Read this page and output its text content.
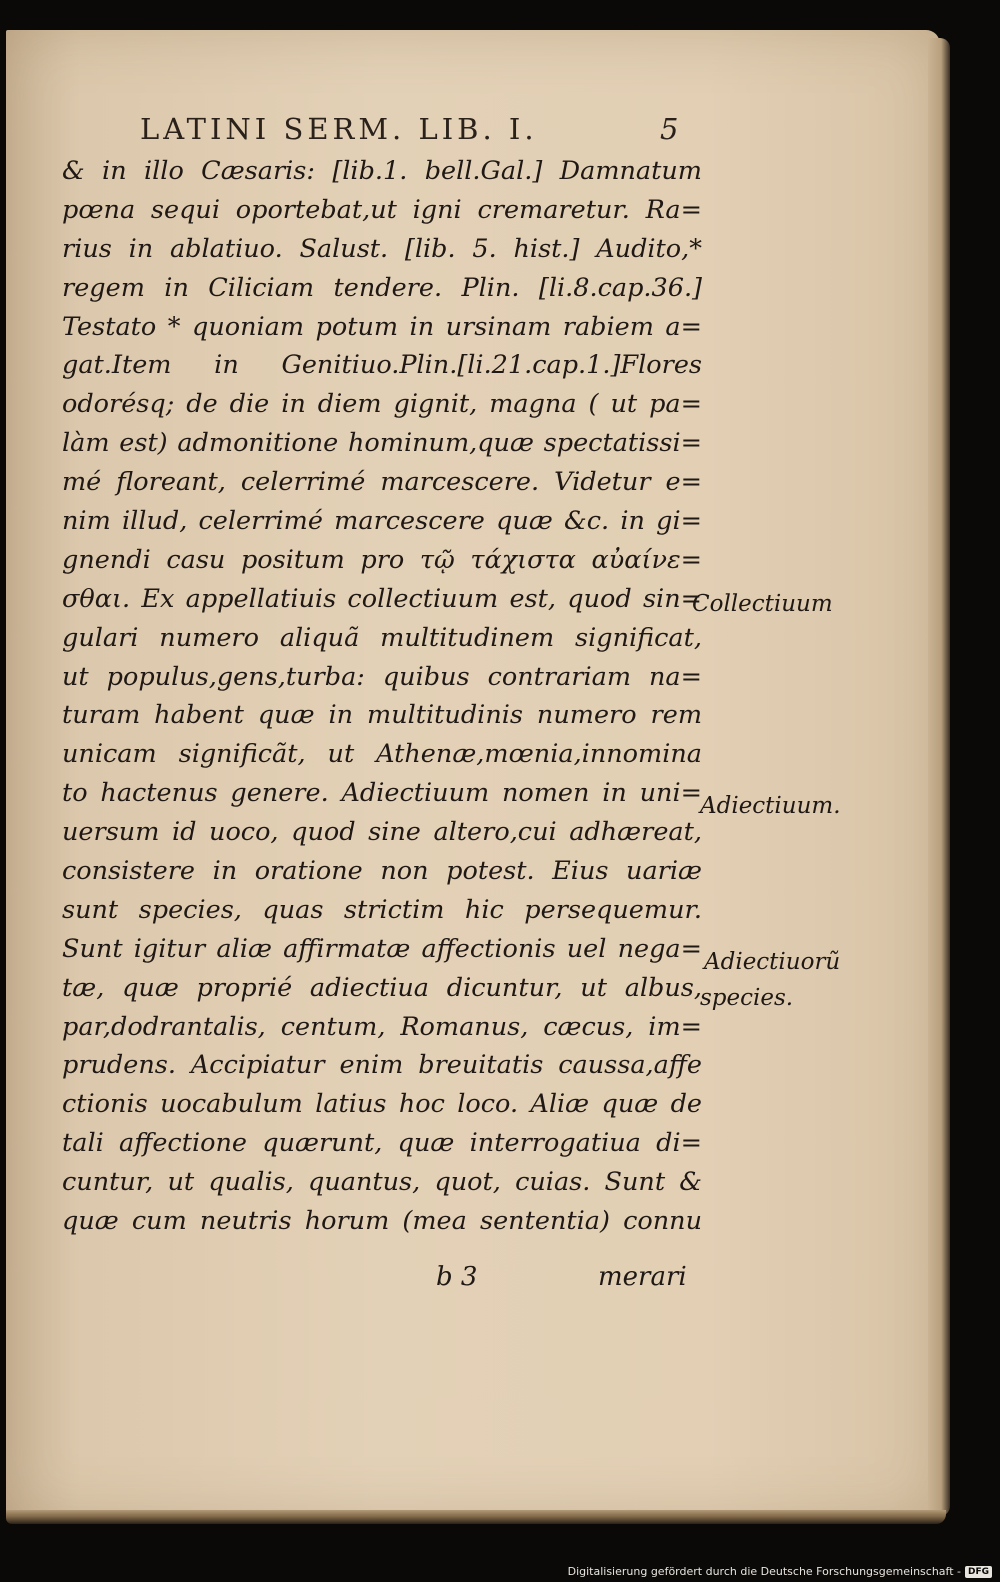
LATINI SERM. LIB. I.	5
& in illo Cæsaris: [lib.1. bell.Gal.] Damnatum
pœna sequi oportebat,ut igni cremaretur. Ra=
rius in ablatiuo. Salust. [lib. 5. hist.] Audito,*
regem in Ciliciam tendere. Plin. [li.8.cap.36.]
Testato * quoniam potum in ursinam rabiem a=
gat.Item in Genitiuo.Plin.[li.21.cap.1.]Flores
odorésq; de die in diem gignit, magna ( ut pa=
làm est) admonitione hominum,quæ spectatissi=
mé floreant, celerrimé marcescere. Videtur e=
nim illud, celerrimé marcescere quæ &c. in gi=
gnendi casu positum pro τῷ τάχιστα αὐαίνε=
σθαι. Ex appellatiuis collectiuum est, quod sin=
gulari numero aliquã multitudinem significat,
ut populus,gens,turba: quibus contrariam na=
turam habent quæ in multitudinis numero rem
unicam significãt, ut Athenæ,mœnia,innomina
to hactenus genere. Adiectiuum nomen in uni=
uersum id uoco, quod sine altero,cui adhæreat,
consistere in oratione non potest. Eius uariæ
sunt species, quas strictim hic persequemur.
Sunt igitur aliæ affirmatæ affectionis uel nega=
tæ, quæ proprié adiectiua dicuntur, ut albus,
par,dodrantalis, centum, Romanus, cæcus, im=
prudens. Accipiatur enim breuitatis caussa,affe
ctionis uocabulum latius hoc loco. Aliæ quæ de
tali affectione quærunt, quæ interrogatiua di=
cuntur, ut qualis, quantus, quot, cuias. Sunt &
quæ cum neutris horum (mea sententia) connu
Collectiuum
Adiectiuum.
Adiectiuorũ
species.
b 3	merari
Digitalisierung gefördert durch die Deutsche Forschungsgemeinschaft - DFG
